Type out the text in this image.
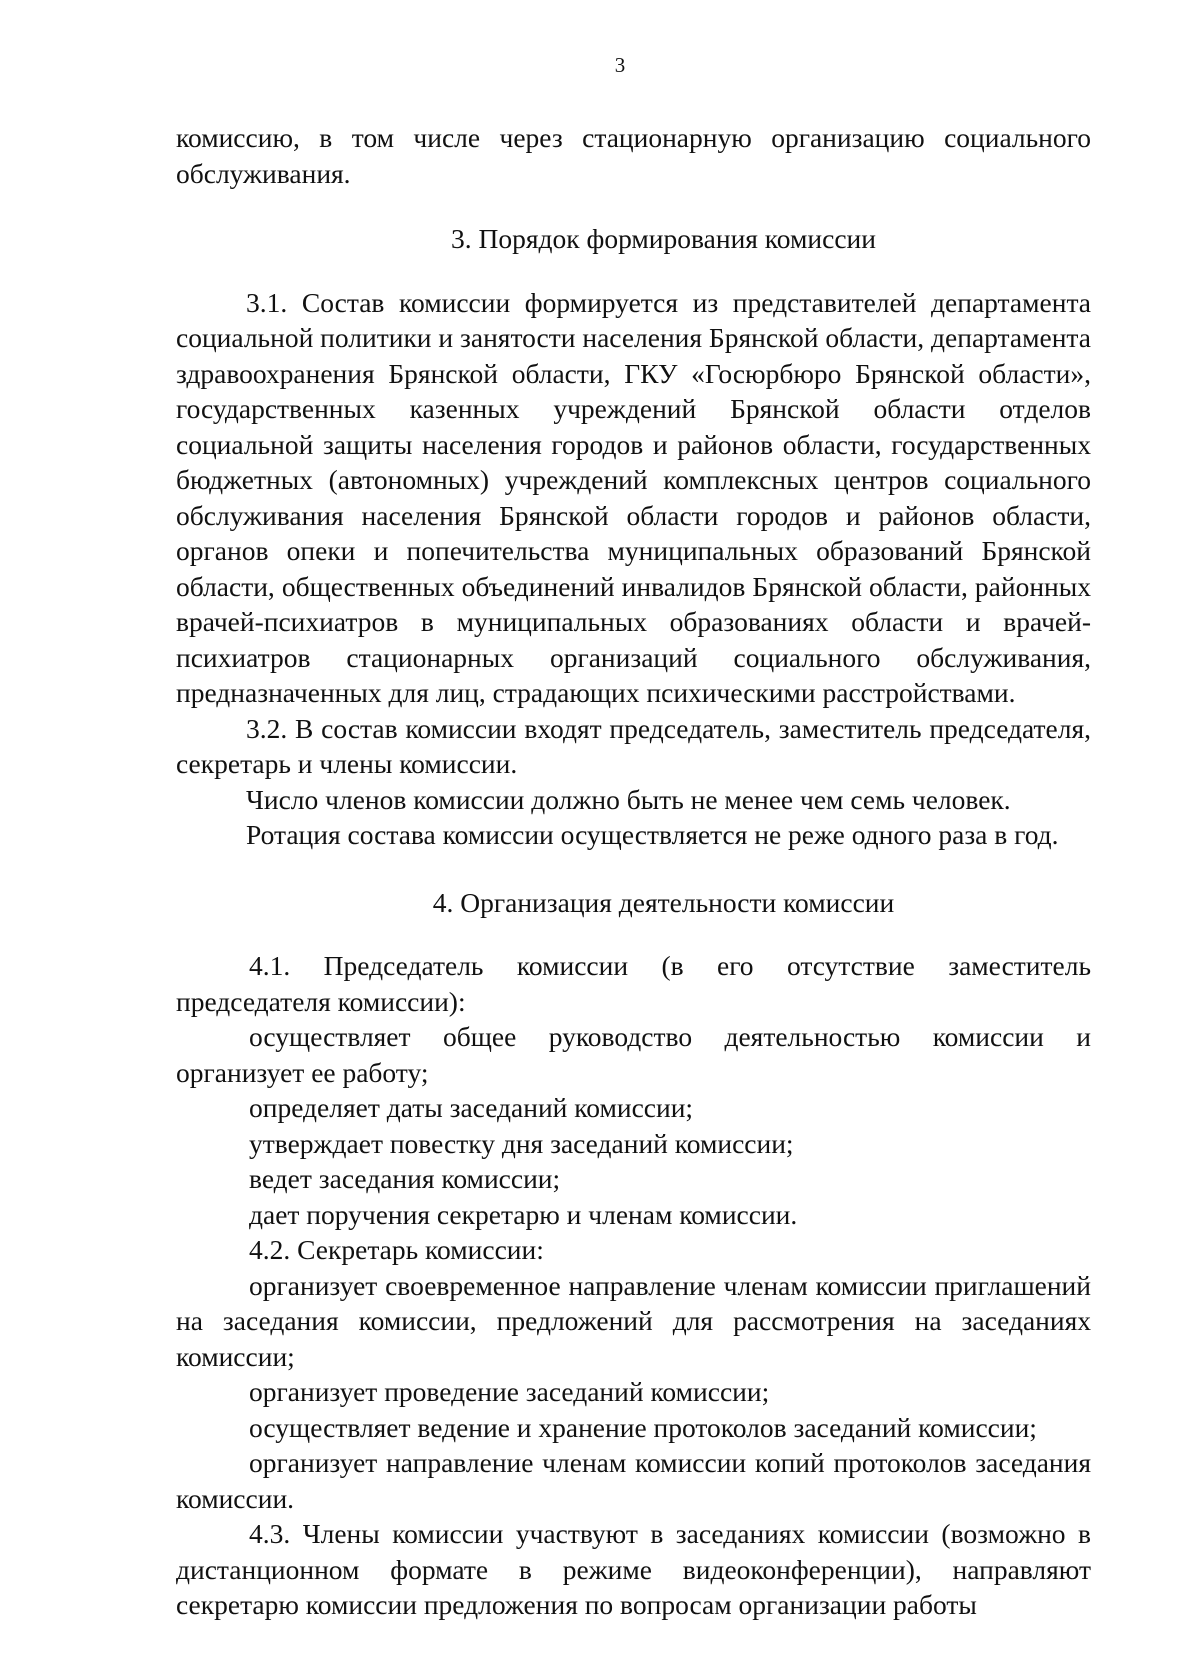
3

комиссию, в том числе через стационарную организацию социального обслуживания.

3. Порядок формирования комиссии

3.1. Состав комиссии формируется из представителей департамента социальной политики и занятости населения Брянской области, департамента здравоохранения Брянской области, ГКУ «Госюрбюро Брянской области», государственных казенных учреждений Брянской области отделов социальной защиты населения городов и районов области, государственных бюджетных (автономных) учреждений комплексных центров социального обслуживания населения Брянской области городов и районов области, органов опеки и попечительства муниципальных образований Брянской области, общественных объединений инвалидов Брянской области, районных врачей-психиатров в муниципальных образованиях области и врачей-психиатров стационарных организаций социального обслуживания, предназначенных для лиц, страдающих психическими расстройствами.

3.2. В состав комиссии входят председатель, заместитель председателя, секретарь и члены комиссии.

Число членов комиссии должно быть не менее чем семь человек.

Ротация состава комиссии осуществляется не реже одного раза в год.

4. Организация деятельности комиссии

4.1. Председатель комиссии (в его отсутствие заместитель председателя комиссии):

осуществляет общее руководство деятельностью комиссии и организует ее работу;

определяет даты заседаний комиссии;

утверждает повестку дня заседаний комиссии;

ведет заседания комиссии;

дает поручения секретарю и членам комиссии.

4.2. Секретарь комиссии:

организует своевременное направление членам комиссии приглашений на заседания комиссии, предложений для рассмотрения на заседаниях комиссии;

организует проведение заседаний комиссии;

осуществляет ведение и хранение протоколов заседаний комиссии;

организует направление членам комиссии копий протоколов заседания комиссии.

4.3. Члены комиссии участвуют в заседаниях комиссии (возможно в дистанционном формате в режиме видеоконференции), направляют секретарю комиссии предложения по вопросам организации работы
